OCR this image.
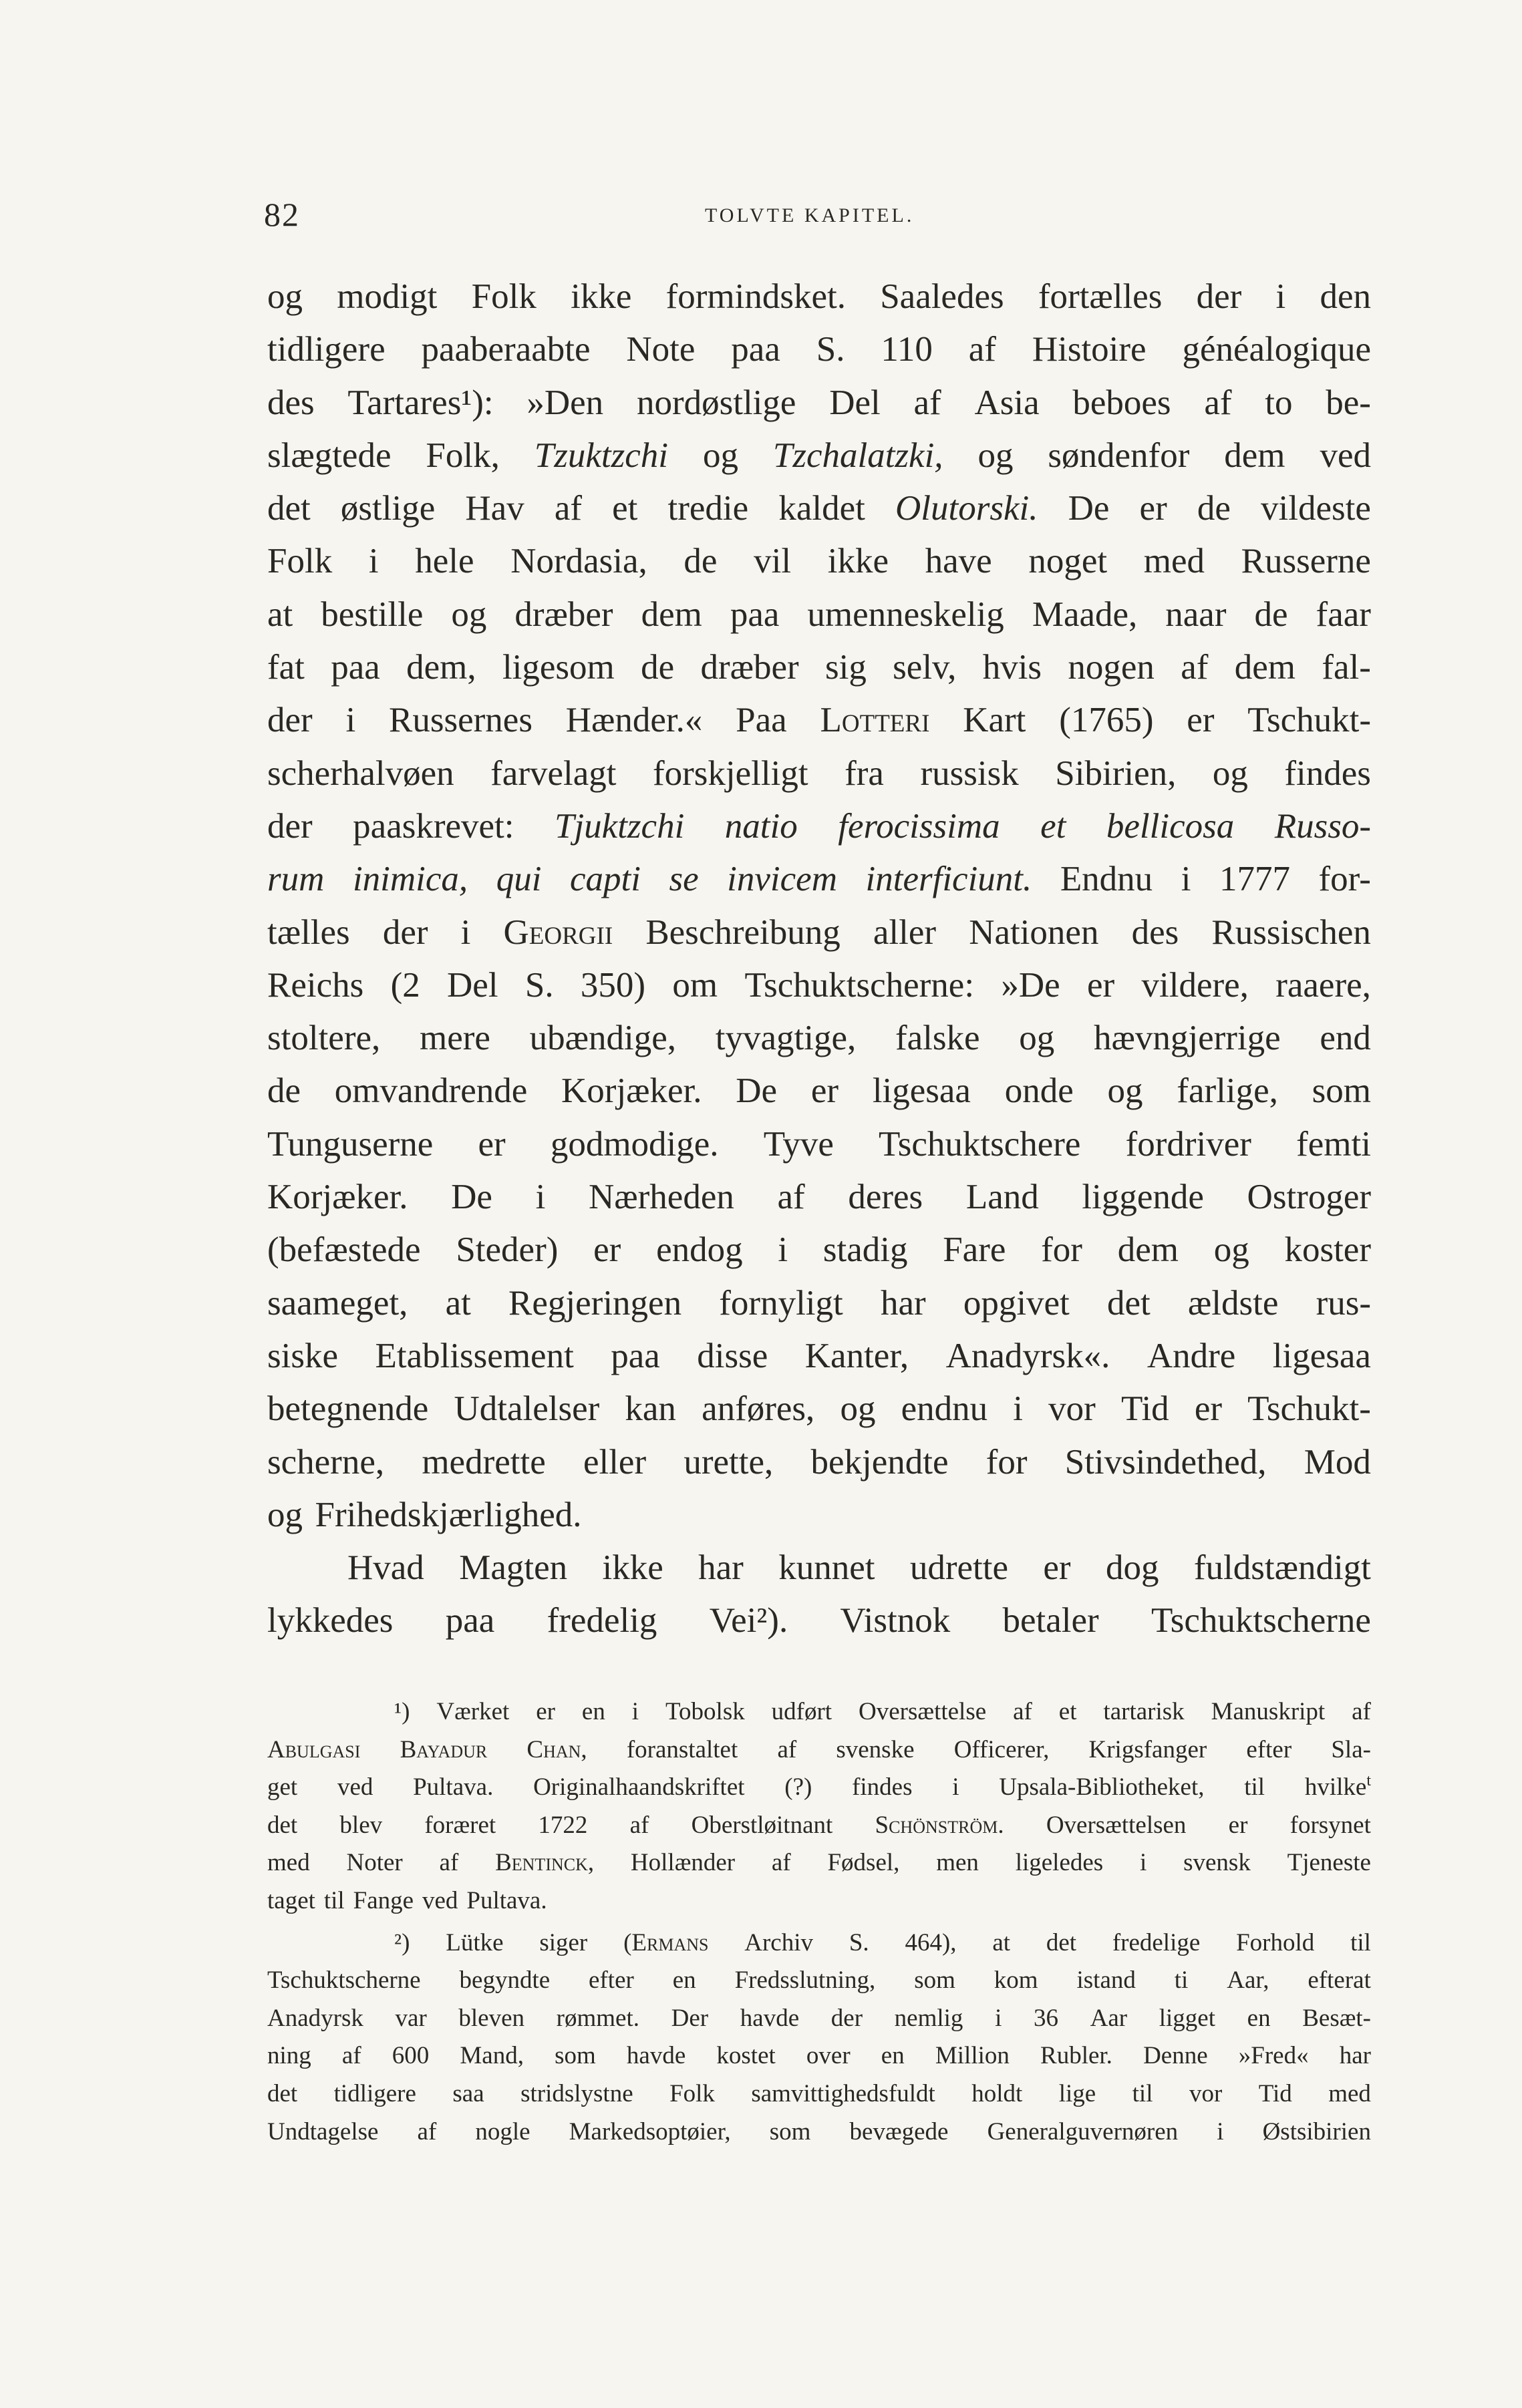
82	TOLVTE KAPITEL.
og modigt Folk ikke formindsket. Saaledes fortælles der i den
tidligere paaberaabte Note paa S. 110 af Histoire généalogique
des Tartares¹): »Den nordøstlige Del af Asia beboes af to be-
slægtede Folk, Tzuktzchi og Tzchalatzki, og søndenfor dem ved
det østlige Hav af et tredie kaldet Olutorski. De er de vildeste
Folk i hele Nordasia, de vil ikke have noget med Russerne
at bestille og dræber dem paa umenneskelig Maade, naar de faar
fat paa dem, ligesom de dræber sig selv, hvis nogen af dem fal-
der i Russernes Hænder.« Paa Lotteri Kart (1765) er Tschukt-
scherhalvøen farvelagt forskjelligt fra russisk Sibirien, og findes
der paaskrevet: Tjuktzchi natio ferocissima et bellicosa Russo-
rum inimica, qui capti se invicem interficiunt. Endnu i 1777 for-
tælles der i Georgii Beschreibung aller Nationen des Russischen
Reichs (2 Del S. 350) om Tschuktscherne: »De er vildere, raaere,
stoltere, mere ubændige, tyvagtige, falske og hævngjerrige end
de omvandrende Korjæker. De er ligesaa onde og farlige, som
Tunguserne er godmodige. Tyve Tschuktschere fordriver femti
Korjæker. De i Nærheden af deres Land liggende Ostroger
(befæstede Steder) er endog i stadig Fare for dem og koster
saameget, at Regjeringen fornyligt har opgivet det ældste rus-
siske Etablissement paa disse Kanter, Anadyrsk«. Andre ligesaa
betegnende Udtalelser kan anføres, og endnu i vor Tid er Tschukt-
scherne, medrette eller urette, bekjendte for Stivsindethed, Mod
og Frihedskjærlighed.
Hvad Magten ikke har kunnet udrette er dog fuldstændigt
lykkedes paa fredelig Vei²). Vistnok betaler Tschuktscherne
¹) Værket er en i Tobolsk udført Oversættelse af et tartarisk Manuskript af
Abulgasi Bayadur Chan, foranstaltet af svenske Officerer, Krigsfanger efter Sla-
get ved Pultava. Originalhaandskriftet (?) findes i Upsala-Bibliotheket, til hvilke$^t$
det blev foræret 1722 af Oberstløitnant Schönström. Oversættelsen er forsynet
med Noter af Bentinck, Hollænder af Fødsel, men ligeledes i svensk Tjeneste
taget til Fange ved Pultava.
²) Lütke siger (Ermans Archiv S. 464), at det fredelige Forhold til
Tschuktscherne begyndte efter en Fredsslutning, som kom istand ti Aar, efterat
Anadyrsk var bleven rømmet. Der havde der nemlig i 36 Aar ligget en Besæt-
ning af 600 Mand, som havde kostet over en Million Rubler. Denne »Fred« har
det tidligere saa stridslystne Folk samvittighedsfuldt holdt lige til vor Tid med
Undtagelse af nogle Markedsoptøier, som bevægede Generalguvernøren i Østsibirien
